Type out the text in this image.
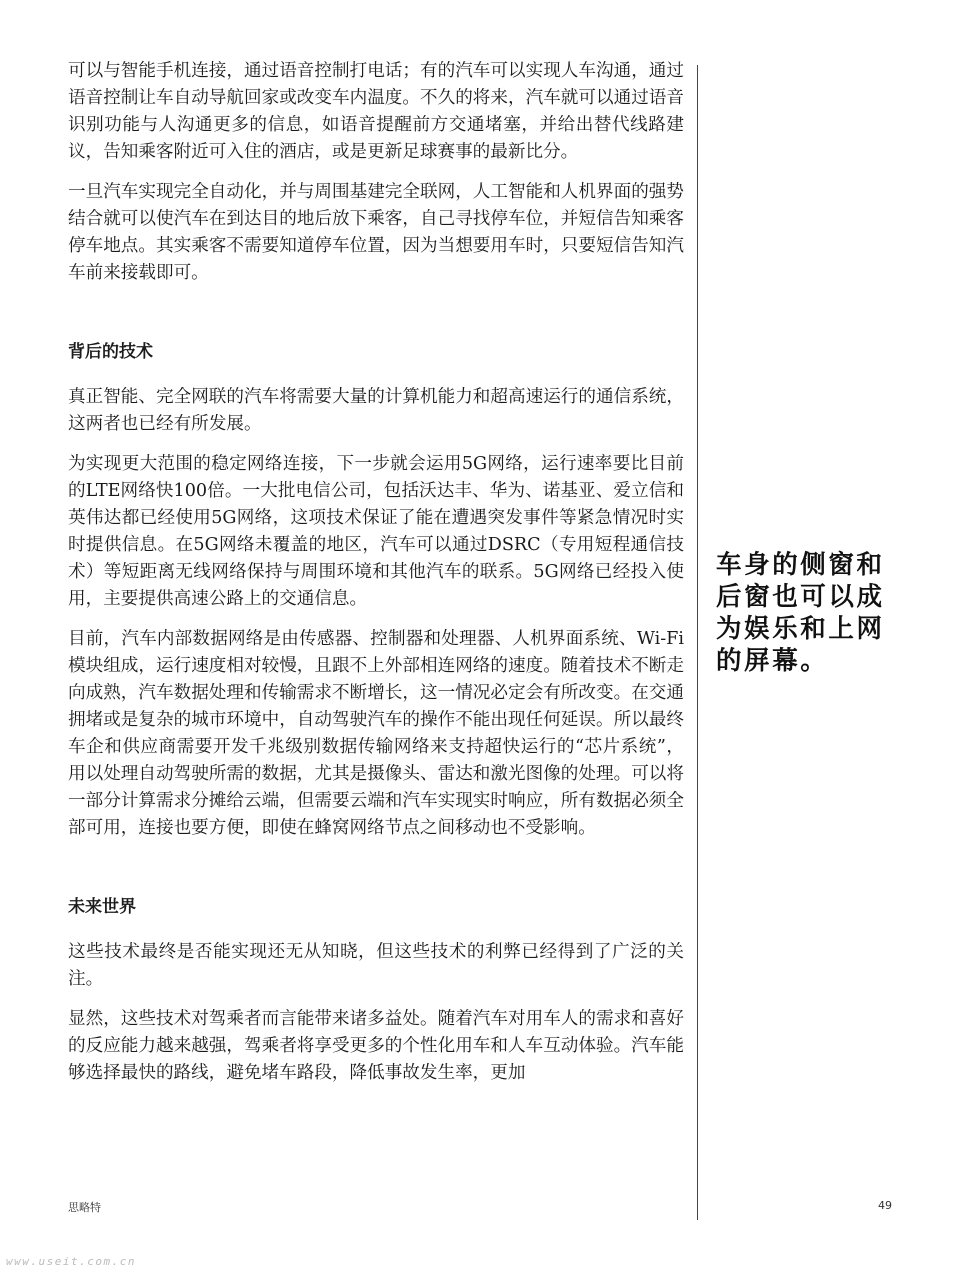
可以与智能手机连接，通过语音控制打电话；有的汽车可以实现人车沟通，通过语音控制让车自动导航回家或改变车内温度。不久的将来，汽车就可以通过语音识别功能与人沟通更多的信息，如语音提醒前方交通堵塞，并给出替代线路建议，告知乘客附近可入住的酒店，或是更新足球赛事的最新比分。

一旦汽车实现完全自动化，并与周围基建完全联网，人工智能和人机界面的强势结合就可以使汽车在到达目的地后放下乘客，自己寻找停车位，并短信告知乘客停车地点。其实乘客不需要知道停车位置，因为当想要用车时，只要短信告知汽车前来接载即可。

背后的技术

真正智能、完全网联的汽车将需要大量的计算机能力和超高速运行的通信系统，这两者也已经有所发展。

为实现更大范围的稳定网络连接，下一步就会运用5G网络，运行速率要比目前的LTE网络快100倍。一大批电信公司，包括沃达丰、华为、诺基亚、爱立信和英伟达都已经使用5G网络，这项技术保证了能在遭遇突发事件等紧急情况时实时提供信息。在5G网络未覆盖的地区，汽车可以通过DSRC（专用短程通信技术）等短距离无线网络保持与周围环境和其他汽车的联系。5G网络已经投入使用，主要提供高速公路上的交通信息。

目前，汽车内部数据网络是由传感器、控制器和处理器、人机界面系统、Wi-Fi模块组成，运行速度相对较慢，且跟不上外部相连网络的速度。随着技术不断走向成熟，汽车数据处理和传输需求不断增长，这一情况必定会有所改变。在交通拥堵或是复杂的城市环境中，自动驾驶汽车的操作不能出现任何延误。所以最终车企和供应商需要开发千兆级别数据传输网络来支持超快运行的“芯片系统”，用以处理自动驾驶所需的数据，尤其是摄像头、雷达和激光图像的处理。可以将一部分计算需求分摊给云端，但需要云端和汽车实现实时响应，所有数据必须全部可用，连接也要方便，即使在蜂窝网络节点之间移动也不受影响。

未来世界

这些技术最终是否能实现还无从知晓，但这些技术的利弊已经得到了广泛的关注。

显然，这些技术对驾乘者而言能带来诸多益处。随着汽车对用车人的需求和喜好的反应能力越来越强，驾乘者将享受更多的个性化用车和人车互动体验。汽车能够选择最快的路线，避免堵车路段，降低事故发生率，更加

车身的侧窗和后窗也可以成为娱乐和上网的屏幕。
思略特	49
www.useit.com.cn
